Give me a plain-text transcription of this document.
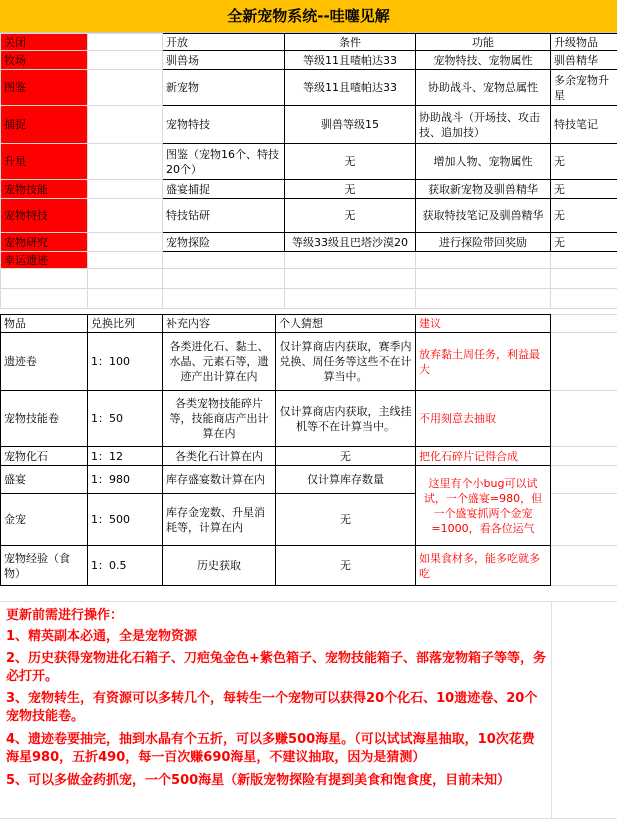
全新宠物系统--哇噻见解
关闭		开放	条件	功能	升级物品
牧场		驯兽场	等级11且喳帕达33	宠物特技、宠物属性	驯兽精华
图鉴		新宠物	等级11且喳帕达33	协助战斗、宠物总属性	多余宠物升星
捕捉		宠物特技	驯兽等级15	协助战斗（开场技、攻击技、追加技）	特技笔记
升星		图鉴（宠物16个、特技20个）	无	增加人物、宠物属性	无
宠物技能		盛宴捕捉	无	获取新宠物及驯兽精华	无
宠物特技		特技钻研	无	获取特技笔记及驯兽精华	无
宠物研究		宠物探险	等级33级且巴塔沙漠20	进行探险带回奖励	无
幸运遗迹					

物品	兑换比列	补充内容	个人猜想	建议	
遗迹卷	1：100	各类进化石、黏土、水晶、元素石等，遗迹产出计算在内	仅计算商店内获取，赛季内兑换、周任务等这些不在计算当中。	放弃黏土周任务，利益最大	
宠物技能卷	1：50	各类宠物技能碎片等，技能商店产出计算在内	仅计算商店内获取，主线挂机等不在计算当中。	不用刻意去抽取	
宠物化石	1：12	各类化石计算在内	无	把化石碎片记得合成	
盛宴	1：980	库存盛宴数计算在内	仅计算库存数量	这里有个小bug可以试试，一个盛宴=980，但一个盛宴抓两个金宠=1000，看各位运气	
金宠	1：500	库存金宠数、升星消耗等，计算在内	无		
宠物经验（食物）	1：0.5	历史获取	无	如果食材多，能多吃就多吃	
更新前需进行操作：
1、精英副本必通，全是宠物资源
2、历史获得宠物进化石箱子、刀疤兔金色+紫色箱子、宠物技能箱子、部落宠物箱子等等，务必打开。
3、宠物转生，有资源可以多转几个，每转生一个宠物可以获得20个化石、10遗迹卷、20个宠物技能卷。
4、遗迹卷要抽完，抽到水晶有个五折，可以多赚500海星。（可以试试海星抽取，10次花费海星980，五折490，每一百次赚690海星，不建议抽取，因为是猜测）
5、可以多做金药抓宠，一个500海星（新版宠物探险有提到美食和饱食度，目前未知）
